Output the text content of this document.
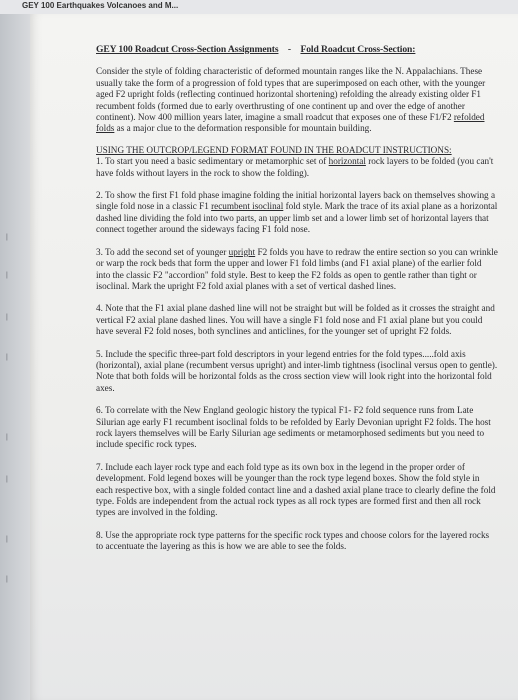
GEY 100 Earthquakes Volcanoes and M...
|
|
|
|
|
|
|
|
GEY 100 Roadcut Cross-Section Assignments - Fold Roadcut Cross-Section:

Consider the style of folding characteristic of deformed mountain ranges like the N. Appalachians. These usually take the form of a progression of fold types that are superimposed on each other, with the younger aged F2 upright folds (reflecting continued horizontal shortening) refolding the already existing older F1 recumbent folds (formed due to early overthrusting of one continent up and over the edge of another continent). Now 400 million years later, imagine a small roadcut that exposes one of these F1/F2 refolded folds as a major clue to the deformation responsible for mountain building.

USING THE OUTCROP/LEGEND FORMAT FOUND IN THE ROADCUT INSTRUCTIONS:

1. To start you need a basic sedimentary or metamorphic set of horizontal rock layers to be folded (you can't have folds without layers in the rock to show the folding).

2. To show the first F1 fold phase imagine folding the initial horizontal layers back on themselves showing a single fold nose in a classic F1 recumbent isoclinal fold style. Mark the trace of its axial plane as a horizontal dashed line dividing the fold into two parts, an upper limb set and a lower limb set of horizontal layers that connect together around the sideways facing F1 fold nose.

3. To add the second set of younger upright F2 folds you have to redraw the entire section so you can wrinkle or warp the rock beds that form the upper and lower F1 fold limbs (and F1 axial plane) of the earlier fold into the classic F2 "accordion" fold style. Best to keep the F2 folds as open to gentle rather than tight or isoclinal. Mark the upright F2 fold axial planes with a set of vertical dashed lines.

4. Note that the F1 axial plane dashed line will not be straight but will be folded as it crosses the straight and vertical F2 axial plane dashed lines. You will have a single F1 fold nose and F1 axial plane but you could have several F2 fold noses, both synclines and anticlines, for the younger set of upright F2 folds.

5. Include the specific three-part fold descriptors in your legend entries for the fold types.....fold axis (horizontal), axial plane (recumbent versus upright) and inter-limb tightness (isoclinal versus open to gentle). Note that both folds will be horizontal folds as the cross section view will look right into the horizontal fold axes.

6. To correlate with the New England geologic history the typical F1- F2 fold sequence runs from Late Silurian age early F1 recumbent isoclinal folds to be refolded by Early Devonian upright F2 folds. The host rock layers themselves will be Early Silurian age sediments or metamorphosed sediments but you need to include specific rock types.

7. Include each layer rock type and each fold type as its own box in the legend in the proper order of development. Fold legend boxes will be younger than the rock type legend boxes. Show the fold style in each respective box, with a single folded contact line and a dashed axial plane trace to clearly define the fold type. Folds are independent from the actual rock types as all rock types are formed first and then all rock types are involved in the folding.

8. Use the appropriate rock type patterns for the specific rock types and choose colors for the layered rocks to accentuate the layering as this is how we are able to see the folds.
